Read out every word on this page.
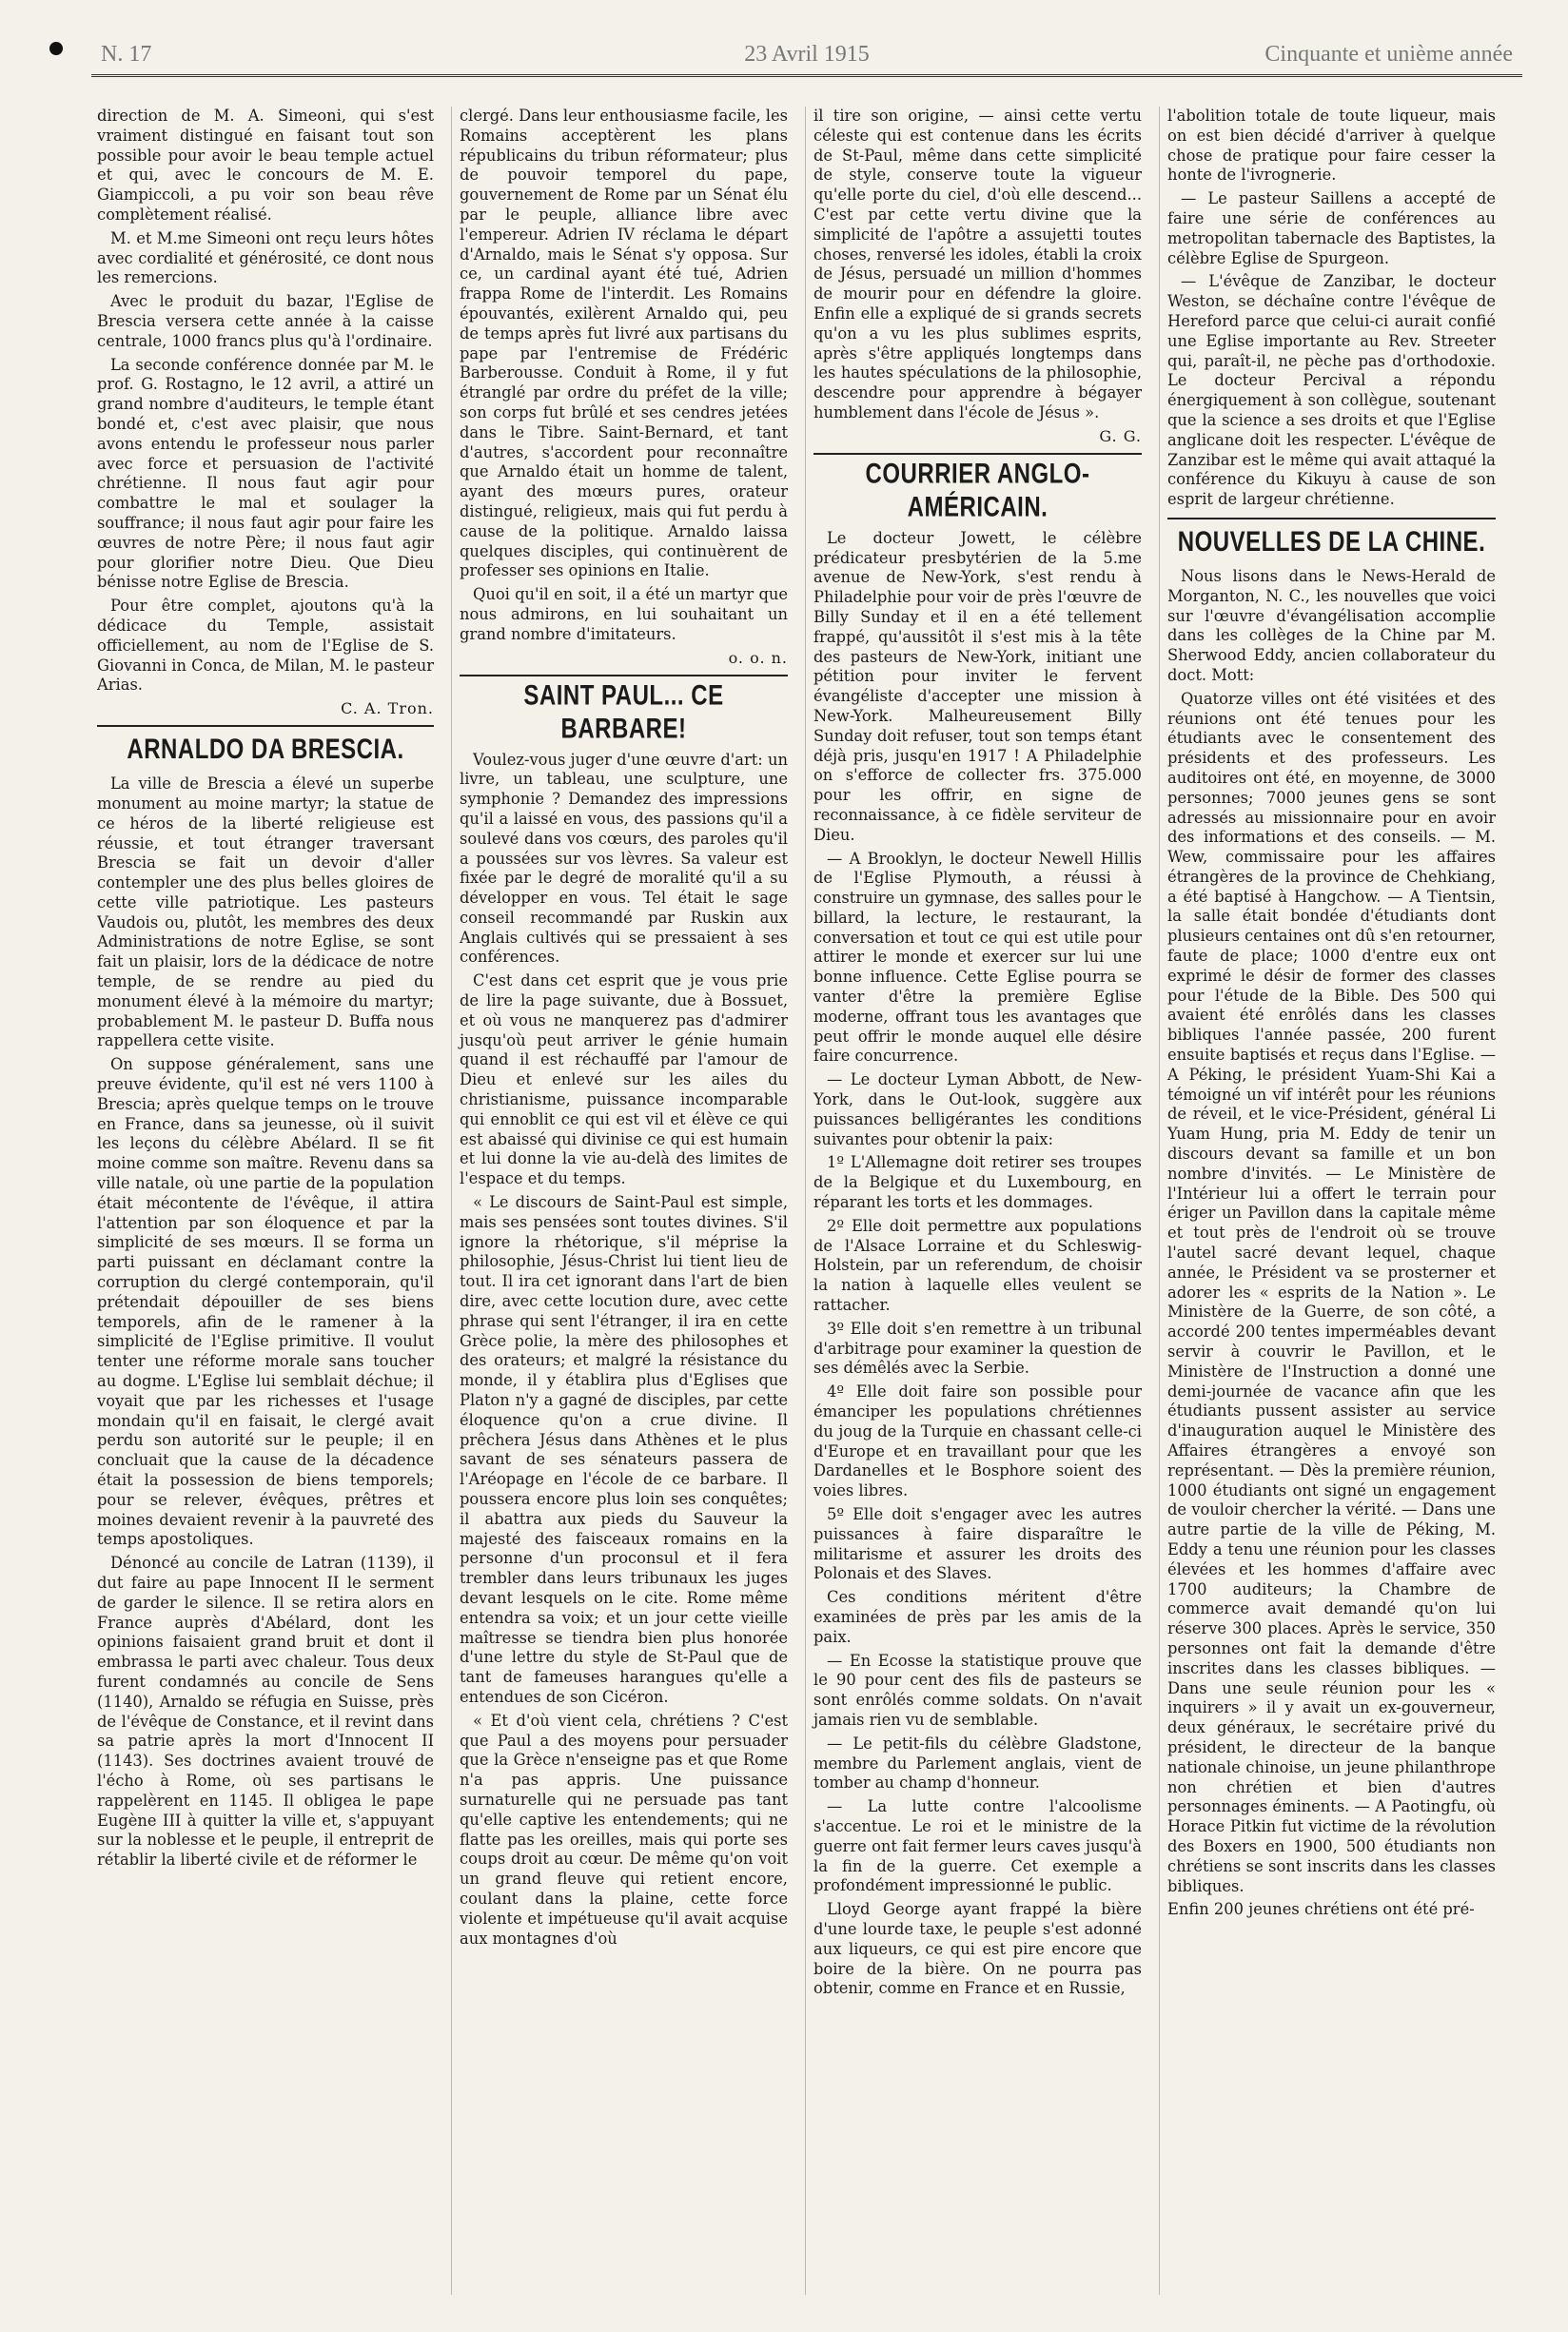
N. 17	23 Avril 1915	Cinquante et unième année

direction de M. A. Simeoni, qui s'est vraiment distingué en faisant tout son possible pour avoir le beau temple actuel et qui, avec le concours de M. E. Giampiccoli, a pu voir son beau rêve complètement réalisé.

M. et M.me Simeoni ont reçu leurs hôtes avec cordialité et générosité, ce dont nous les remercions.

Avec le produit du bazar, l'Eglise de Brescia versera cette année à la caisse centrale, 1000 francs plus qu'à l'ordinaire.

La seconde conférence donnée par M. le prof. G. Rostagno, le 12 avril, a attiré un grand nombre d'auditeurs, le temple étant bondé et, c'est avec plaisir, que nous avons entendu le professeur nous parler avec force et persuasion de l'activité chrétienne. Il nous faut agir pour combattre le mal et soulager la souffrance; il nous faut agir pour faire les œuvres de notre Père; il nous faut agir pour glorifier notre Dieu. Que Dieu bénisse notre Eglise de Brescia.

Pour être complet, ajoutons qu'à la dédicace du Temple, assistait officiellement, au nom de l'Eglise de S. Giovanni in Conca, de Milan, M. le pasteur Arias.

C. A. Tron.
ARNALDO DA BRESCIA.

La ville de Brescia a élevé un superbe monument au moine martyr; la statue de ce héros de la liberté religieuse est réussie, et tout étranger traversant Brescia se fait un devoir d'aller contempler une des plus belles gloires de cette ville patriotique. Les pasteurs Vaudois ou, plutôt, les membres des deux Administrations de notre Eglise, se sont fait un plaisir, lors de la dédicace de notre temple, de se rendre au pied du monument élevé à la mémoire du martyr; probablement M. le pasteur D. Buffa nous rappellera cette visite.

On suppose généralement, sans une preuve évidente, qu'il est né vers 1100 à Brescia; après quelque temps on le trouve en France, dans sa jeunesse, où il suivit les leçons du célèbre Abélard. Il se fit moine comme son maître. Revenu dans sa ville natale, où une partie de la population était mécontente de l'évêque, il attira l'attention par son éloquence et par la simplicité de ses mœurs. Il se forma un parti puissant en déclamant contre la corruption du clergé contemporain, qu'il prétendait dépouiller de ses biens temporels, afin de le ramener à la simplicité de l'Eglise primitive. Il voulut tenter une réforme morale sans toucher au dogme. L'Eglise lui semblait déchue; il voyait que par les richesses et l'usage mondain qu'il en faisait, le clergé avait perdu son autorité sur le peuple; il en concluait que la cause de la décadence était la possession de biens temporels; pour se relever, évêques, prêtres et moines devaient revenir à la pauvreté des temps apostoliques.

Dénoncé au concile de Latran (1139), il dut faire au pape Innocent II le serment de garder le silence. Il se retira alors en France auprès d'Abélard, dont les opinions faisaient grand bruit et dont il embrassa le parti avec chaleur. Tous deux furent condamnés au concile de Sens (1140), Arnaldo se réfugia en Suisse, près de l'évêque de Constance, et il revint dans sa patrie après la mort d'Innocent II (1143). Ses doctrines avaient trouvé de l'écho à Rome, où ses partisans le rappelèrent en 1145. Il obligea le pape Eugène III à quitter la ville et, s'appuyant sur la noblesse et le peuple, il entreprit de rétablir la liberté civile et de réformer le

clergé. Dans leur enthousiasme facile, les Romains acceptèrent les plans républicains du tribun réformateur; plus de pouvoir temporel du pape, gouvernement de Rome par un Sénat élu par le peuple, alliance libre avec l'empereur. Adrien IV réclama le départ d'Arnaldo, mais le Sénat s'y opposa. Sur ce, un cardinal ayant été tué, Adrien frappa Rome de l'interdit. Les Romains épouvantés, exilèrent Arnaldo qui, peu de temps après fut livré aux partisans du pape par l'entremise de Frédéric Barberousse. Conduit à Rome, il y fut étranglé par ordre du préfet de la ville; son corps fut brûlé et ses cendres jetées dans le Tibre. Saint-Bernard, et tant d'autres, s'accordent pour reconnaître que Arnaldo était un homme de talent, ayant des mœurs pures, orateur distingué, religieux, mais qui fut perdu à cause de la politique. Arnaldo laissa quelques disciples, qui continuèrent de professer ses opinions en Italie.

Quoi qu'il en soit, il a été un martyr que nous admirons, en lui souhaitant un grand nombre d'imitateurs.

o. o. n.
SAINT PAUL... CE BARBARE!

Voulez-vous juger d'une œuvre d'art: un livre, un tableau, une sculpture, une symphonie ? Demandez des impressions qu'il a laissé en vous, des passions qu'il a soulevé dans vos cœurs, des paroles qu'il a poussées sur vos lèvres. Sa valeur est fixée par le degré de moralité qu'il a su développer en vous. Tel était le sage conseil recommandé par Ruskin aux Anglais cultivés qui se pressaient à ses conférences.

C'est dans cet esprit que je vous prie de lire la page suivante, due à Bossuet, et où vous ne manquerez pas d'admirer jusqu'où peut arriver le génie humain quand il est réchauffé par l'amour de Dieu et enlevé sur les ailes du christianisme, puissance incomparable qui ennoblit ce qui est vil et élève ce qui est abaissé qui divinise ce qui est humain et lui donne la vie au-delà des limites de l'espace et du temps.

« Le discours de Saint-Paul est simple, mais ses pensées sont toutes divines. S'il ignore la rhétorique, s'il méprise la philosophie, Jésus-Christ lui tient lieu de tout. Il ira cet ignorant dans l'art de bien dire, avec cette locution dure, avec cette phrase qui sent l'étranger, il ira en cette Grèce polie, la mère des philosophes et des orateurs; et malgré la résistance du monde, il y établira plus d'Eglises que Platon n'y a gagné de disciples, par cette éloquence qu'on a crue divine. Il prêchera Jésus dans Athènes et le plus savant de ses sénateurs passera de l'Aréopage en l'école de ce barbare. Il poussera encore plus loin ses conquêtes; il abattra aux pieds du Sauveur la majesté des faisceaux romains en la personne d'un proconsul et il fera trembler dans leurs tribunaux les juges devant lesquels on le cite. Rome même entendra sa voix; et un jour cette vieille maîtresse se tiendra bien plus honorée d'une lettre du style de St-Paul que de tant de fameuses harangues qu'elle a entendues de son Cicéron.

« Et d'où vient cela, chrétiens ? C'est que Paul a des moyens pour persuader que la Grèce n'enseigne pas et que Rome n'a pas appris. Une puissance surnaturelle qui ne persuade pas tant qu'elle captive les entendements; qui ne flatte pas les oreilles, mais qui porte ses coups droit au cœur. De même qu'on voit un grand fleuve qui retient encore, coulant dans la plaine, cette force violente et impétueuse qu'il avait acquise aux montagnes d'où

il tire son origine, — ainsi cette vertu céleste qui est contenue dans les écrits de St-Paul, même dans cette simplicité de style, conserve toute la vigueur qu'elle porte du ciel, d'où elle descend... C'est par cette vertu divine que la simplicité de l'apôtre a assujetti toutes choses, renversé les idoles, établi la croix de Jésus, persuadé un million d'hommes de mourir pour en défendre la gloire. Enfin elle a expliqué de si grands secrets qu'on a vu les plus sublimes esprits, après s'être appliqués longtemps dans les hautes spéculations de la philosophie, descendre pour apprendre à bégayer humblement dans l'école de Jésus ».

G. G.
COURRIER ANGLO-AMÉRICAIN.

Le docteur Jowett, le célèbre prédicateur presbytérien de la 5.me avenue de New-York, s'est rendu à Philadelphie pour voir de près l'œuvre de Billy Sunday et il en a été tellement frappé, qu'aussitôt il s'est mis à la tête des pasteurs de New-York, initiant une pétition pour inviter le fervent évangéliste d'accepter une mission à New-York. Malheureusement Billy Sunday doit refuser, tout son temps étant déjà pris, jusqu'en 1917 ! A Philadelphie on s'efforce de collecter frs. 375.000 pour les offrir, en signe de reconnaissance, à ce fidèle serviteur de Dieu.

— A Brooklyn, le docteur Newell Hillis de l'Eglise Plymouth, a réussi à construire un gymnase, des salles pour le billard, la lecture, le restaurant, la conversation et tout ce qui est utile pour attirer le monde et exercer sur lui une bonne influence. Cette Eglise pourra se vanter d'être la première Eglise moderne, offrant tous les avantages que peut offrir le monde auquel elle désire faire concurrence.

— Le docteur Lyman Abbott, de New-York, dans le Out-look, suggère aux puissances belligérantes les conditions suivantes pour obtenir la paix:

1º L'Allemagne doit retirer ses troupes de la Belgique et du Luxembourg, en réparant les torts et les dommages.

2º Elle doit permettre aux populations de l'Alsace Lorraine et du Schleswig-Holstein, par un referendum, de choisir la nation à laquelle elles veulent se rattacher.

3º Elle doit s'en remettre à un tribunal d'arbitrage pour examiner la question de ses démêlés avec la Serbie.

4º Elle doit faire son possible pour émanciper les populations chrétiennes du joug de la Turquie en chassant celle-ci d'Europe et en travaillant pour que les Dardanelles et le Bosphore soient des voies libres.

5º Elle doit s'engager avec les autres puissances à faire disparaître le militarisme et assurer les droits des Polonais et des Slaves.

Ces conditions méritent d'être examinées de près par les amis de la paix.

— En Ecosse la statistique prouve que le 90 pour cent des fils de pasteurs se sont enrôlés comme soldats. On n'avait jamais rien vu de semblable.

— Le petit-fils du célèbre Gladstone, membre du Parlement anglais, vient de tomber au champ d'honneur.

— La lutte contre l'alcoolisme s'accentue. Le roi et le ministre de la guerre ont fait fermer leurs caves jusqu'à la fin de la guerre. Cet exemple a profondément impressionné le public.

Lloyd George ayant frappé la bière d'une lourde taxe, le peuple s'est adonné aux liqueurs, ce qui est pire encore que boire de la bière. On ne pourra pas obtenir, comme en France et en Russie,

l'abolition totale de toute liqueur, mais on est bien décidé d'arriver à quelque chose de pratique pour faire cesser la honte de l'ivrognerie.

— Le pasteur Saillens a accepté de faire une série de conférences au metropolitan tabernacle des Baptistes, la célèbre Eglise de Spurgeon.

— L'évêque de Zanzibar, le docteur Weston, se déchaîne contre l'évêque de Hereford parce que celui-ci aurait confié une Eglise importante au Rev. Streeter qui, paraît-il, ne pèche pas d'orthodoxie. Le docteur Percival a répondu énergiquement à son collègue, soutenant que la science a ses droits et que l'Eglise anglicane doit les respecter. L'évêque de Zanzibar est le même qui avait attaqué la conférence du Kikuyu à cause de son esprit de largeur chrétienne.

NOUVELLES DE LA CHINE.

Nous lisons dans le News-Herald de Morganton, N. C., les nouvelles que voici sur l'œuvre d'évangélisation accomplie dans les collèges de la Chine par M. Sherwood Eddy, ancien collaborateur du doct. Mott:

Quatorze villes ont été visitées et des réunions ont été tenues pour les étudiants avec le consentement des présidents et des professeurs. Les auditoires ont été, en moyenne, de 3000 personnes; 7000 jeunes gens se sont adressés au missionnaire pour en avoir des informations et des conseils. — M. Wew, commissaire pour les affaires étrangères de la province de Chehkiang, a été baptisé à Hangchow. — A Tientsin, la salle était bondée d'étudiants dont plusieurs centaines ont dû s'en retourner, faute de place; 1000 d'entre eux ont exprimé le désir de former des classes pour l'étude de la Bible. Des 500 qui avaient été enrôlés dans les classes bibliques l'année passée, 200 furent ensuite baptisés et reçus dans l'Eglise. — A Péking, le président Yuam-Shi Kai a témoigné un vif intérêt pour les réunions de réveil, et le vice-Président, général Li Yuam Hung, pria M. Eddy de tenir un discours devant sa famille et un bon nombre d'invités. — Le Ministère de l'Intérieur lui a offert le terrain pour ériger un Pavillon dans la capitale même et tout près de l'endroit où se trouve l'autel sacré devant lequel, chaque année, le Président va se prosterner et adorer les « esprits de la Nation ». Le Ministère de la Guerre, de son côté, a accordé 200 tentes imperméables devant servir à couvrir le Pavillon, et le Ministère de l'Instruction a donné une demi-journée de vacance afin que les étudiants pussent assister au service d'inauguration auquel le Ministère des Affaires étrangères a envoyé son représentant. — Dès la première réunion, 1000 étudiants ont signé un engagement de vouloir chercher la vérité. — Dans une autre partie de la ville de Péking, M. Eddy a tenu une réunion pour les classes élevées et les hommes d'affaire avec 1700 auditeurs; la Chambre de commerce avait demandé qu'on lui réserve 300 places. Après le service, 350 personnes ont fait la demande d'être inscrites dans les classes bibliques. — Dans une seule réunion pour les « inquirers » il y avait un ex-gouverneur, deux généraux, le secrétaire privé du président, le directeur de la banque nationale chinoise, un jeune philanthrope non chrétien et bien d'autres personnages éminents. — A Paotingfu, où Horace Pitkin fut victime de la révolution des Boxers en 1900, 500 étudiants non chrétiens se sont inscrits dans les classes bibliques.

Enfin 200 jeunes chrétiens ont été pré-
